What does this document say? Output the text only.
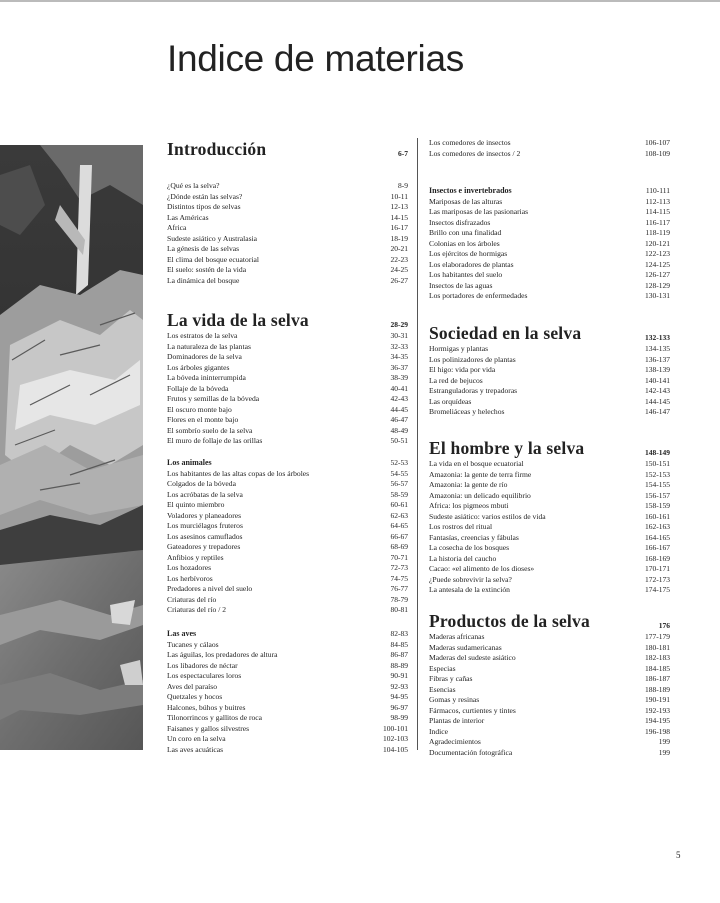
Indice de materias
Introducción	6-7
¿Qué es la selva?	8-9
¿Dónde están las selvas?	10-11
Distintos tipos de selvas	12-13
Las Américas	14-15
Africa	16-17
Sudeste asiático y Australasia	18-19
La génesis de las selvas	20-21
El clima del bosque ecuatorial	22-23
El suelo: sostén de la vida	24-25
La dinámica del bosque	26-27
La vida de la selva	28-29
Los estratos de la selva	30-31
La naturaleza de las plantas	32-33
Dominadores de la selva	34-35
Los árboles gigantes	36-37
La bóveda ininterrumpida	38-39
Follaje de la bóveda	40-41
Frutos y semillas de la bóveda	42-43
El oscuro monte bajo	44-45
Flores en el monte bajo	46-47
El sombrío suelo de la selva	48-49
El muro de follaje de las orillas	50-51
Los animales	52-53
Los habitantes de las altas copas de los árboles	54-55
Colgados de la bóveda	56-57
Los acróbatas de la selva	58-59
El quinto miembro	60-61
Voladores y planeadores	62-63
Los murciélagos fruteros	64-65
Los asesinos camuflados	66-67
Gateadores y trepadores	68-69
Anfibios y reptiles	70-71
Los hozadores	72-73
Los herbívoros	74-75
Predadores a nivel del suelo	76-77
Criaturas del río	78-79
Criaturas del río / 2	80-81
Las aves	82-83
Tucanes y cálaos	84-85
Las águilas, los predadores de altura	86-87
Los libadores de néctar	88-89
Los espectaculares loros	90-91
Aves del paraíso	92-93
Quetzales y hocos	94-95
Halcones, búhos y buitres	96-97
Tilonorrincos y gallitos de roca	98-99
Faisanes y gallos silvestres	100-101
Un coro en la selva	102-103
Las aves acuáticas	104-105
Los comedores de insectos	106-107
Los comedores de insectos / 2	108-109
Insectos e invertebrados	110-111
Mariposas de las alturas	112-113
Las mariposas de las pasionarias	114-115
Insectos disfrazados	116-117
Brillo con una finalidad	118-119
Colonias en los árboles	120-121
Los ejércitos de hormigas	122-123
Los elaboradores de plantas	124-125
Los habitantes del suelo	126-127
Insectos de las aguas	128-129
Los portadores de enfermedades	130-131
Sociedad en la selva	132-133
Hormigas y plantas	134-135
Los polinizadores de plantas	136-137
El higo: vida por vida	138-139
La red de bejucos	140-141
Estranguladoras y trepadoras	142-143
Las orquídeas	144-145
Bromeliáceas y helechos	146-147
El hombre y la selva	148-149
La vida en el bosque ecuatorial	150-151
Amazonia: la gente de terra firme	152-153
Amazonia: la gente de río	154-155
Amazonia: un delicado equilibrio	156-157
Africa: los pigmeos mbuti	158-159
Sudeste asiático: varios estilos de vida	160-161
Los rostros del ritual	162-163
Fantasías, creencias y fábulas	164-165
La cosecha de los bosques	166-167
La historia del caucho	168-169
Cacao: «el alimento de los dioses»	170-171
¿Puede sobrevivir la selva?	172-173
La antesala de la extinción	174-175
Productos de la selva	176
Maderas africanas	177-179
Maderas sudamericanas	180-181
Maderas del sudeste asiático	182-183
Especias	184-185
Fibras y cañas	186-187
Esencias	188-189
Gomas y resinas	190-191
Fármacos, curtientes y tintes	192-193
Plantas de interior	194-195
Indice	196-198
Agradecimientos	199
Documentación fotográfica	199
5
